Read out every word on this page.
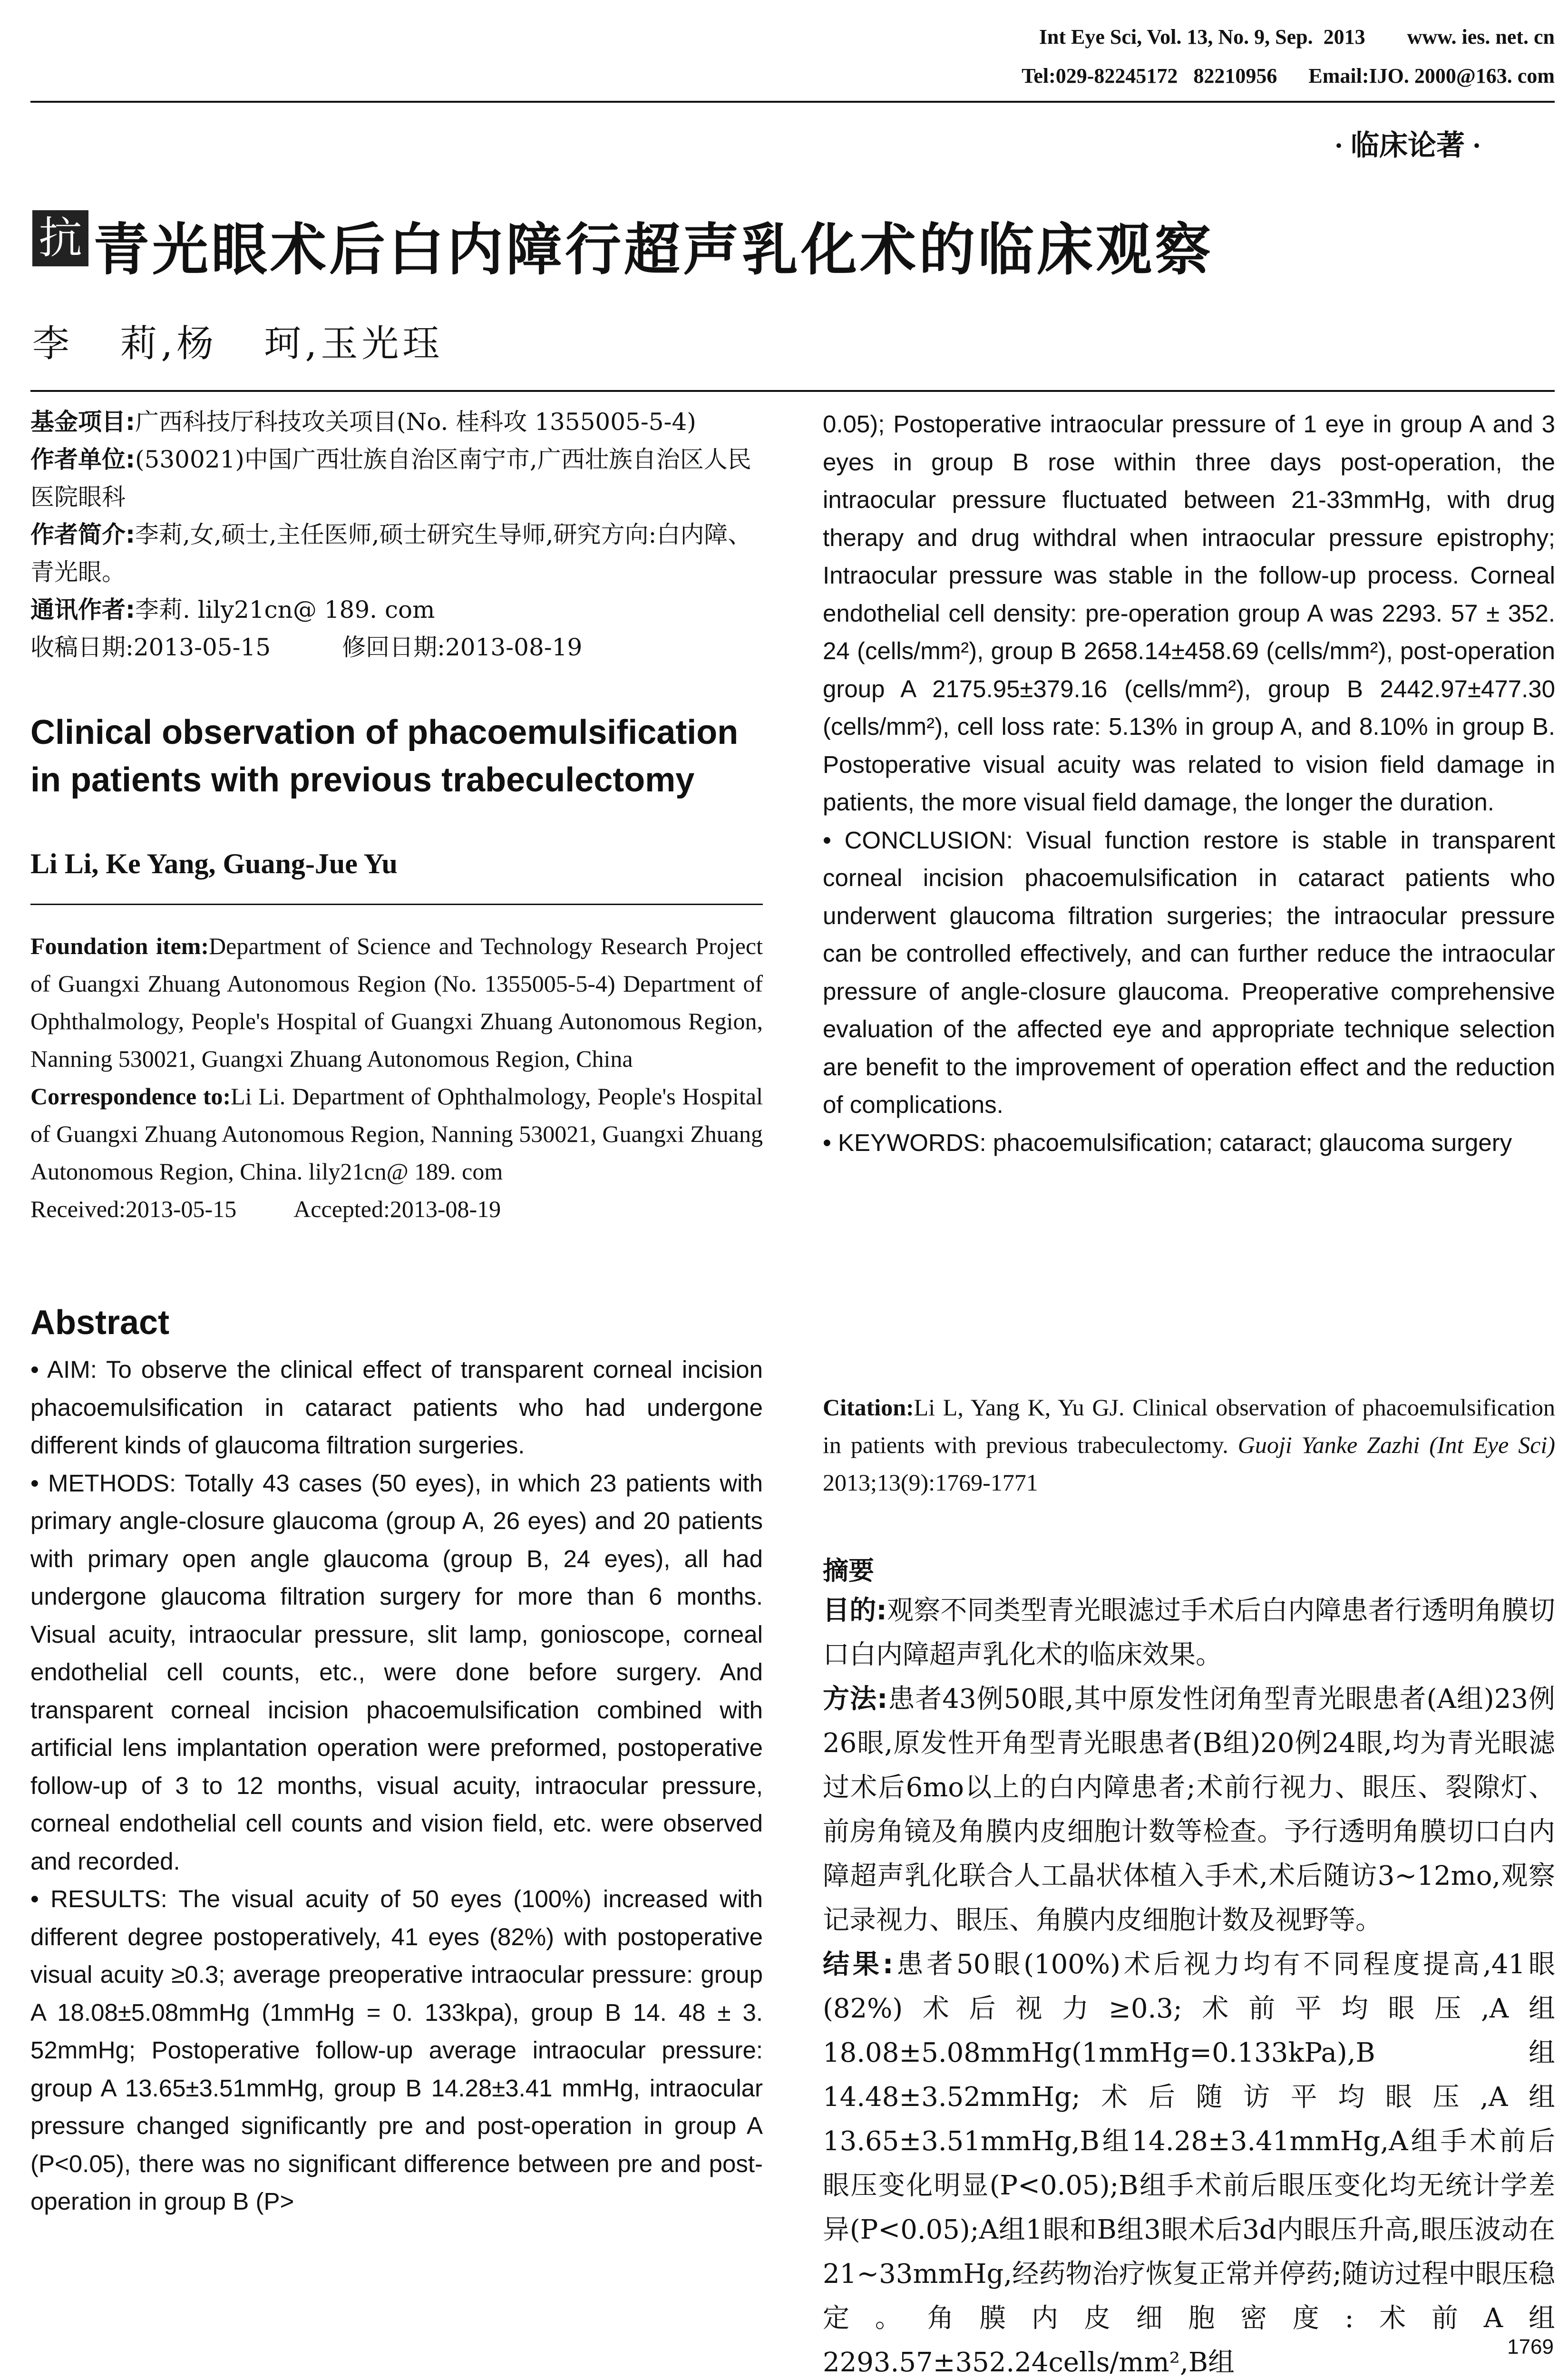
Int Eye Sci, Vol. 13, No. 9, Sep.  2013        www. ies. net. cn
Tel:029-82245172   82210956      Email:IJO. 2000@163. com
· 临床论著 ·
抗 青光眼术后白内障行超声乳化术的临床观察
李   莉,杨   珂,玉光珏
基金项目:广西科技厅科技攻关项目(No. 桂科攻 1355005-5-4)
作者单位:(530021)中国广西壮族自治区南宁市,广西壮族自治区人民医院眼科
作者简介:李莉,女,硕士,主任医师,硕士研究生导师,研究方向:白内障、青光眼。
通讯作者:李莉. lily21cn@ 189. com
收稿日期:2013-05-15	修回日期:2013-08-19
Clinical observation of phacoemulsification in patients with previous trabeculectomy
Li Li, Ke Yang, Guang-Jue Yu

Foundation item:Department of Science and Technology Research Project of Guangxi Zhuang Autonomous Region (No. 1355005-5-4) Department of Ophthalmology, People's Hospital of Guangxi Zhuang Autonomous Region, Nanning 530021, Guangxi Zhuang Autonomous Region, China

Correspondence to:Li Li. Department of Ophthalmology, People's Hospital of Guangxi Zhuang Autonomous Region, Nanning 530021, Guangxi Zhuang Autonomous Region, China. lily21cn@ 189. com

Received:2013-05-15 Accepted:2013-08-19

Abstract

• AIM: To observe the clinical effect of transparent corneal incision phacoemulsification in cataract patients who had undergone different kinds of glaucoma filtration surgeries.

• METHODS: Totally 43 cases (50 eyes), in which 23 patients with primary angle-closure glaucoma (group A, 26 eyes) and 20 patients with primary open angle glaucoma (group B, 24 eyes), all had undergone glaucoma filtration surgery for more than 6 months. Visual acuity, intraocular pressure, slit lamp, gonioscope, corneal endothelial cell counts, etc., were done before surgery. And transparent corneal incision phacoemulsification combined with artificial lens implantation operation were preformed, postoperative follow-up of 3 to 12 months, visual acuity, intraocular pressure, corneal endothelial cell counts and vision field, etc. were observed and recorded.

• RESULTS: The visual acuity of 50 eyes (100%) increased with different degree postoperatively, 41 eyes (82%) with postoperative visual acuity ≥0.3; average preoperative intraocular pressure: group A 18.08±5.08mmHg (1mmHg = 0. 133kpa), group B 14. 48 ± 3. 52mmHg; Postoperative follow-up average intraocular pressure: group A 13.65±3.51mmHg, group B 14.28±3.41 mmHg, intraocular pressure changed significantly pre and post-operation in group A (P<0.05), there was no significant difference between pre and post-operation in group B (P>

0.05); Postoperative intraocular pressure of 1 eye in group A and 3 eyes in group B rose within three days post-operation, the intraocular pressure fluctuated between 21-33mmHg, with drug therapy and drug withdral when intraocular pressure epistrophy; Intraocular pressure was stable in the follow-up process. Corneal endothelial cell density: pre-operation group A was 2293. 57 ± 352. 24 (cells/mm²), group B 2658.14±458.69 (cells/mm²), post-operation group A 2175.95±379.16 (cells/mm²), group B 2442.97±477.30 (cells/mm²), cell loss rate: 5.13% in group A, and 8.10% in group B. Postoperative visual acuity was related to vision field damage in patients, the more visual field damage, the longer the duration.

• CONCLUSION: Visual function restore is stable in transparent corneal incision phacoemulsification in cataract patients who underwent glaucoma filtration surgeries; the intraocular pressure can be controlled effectively, and can further reduce the intraocular pressure of angle-closure glaucoma. Preoperative comprehensive evaluation of the affected eye and appropriate technique selection are benefit to the improvement of operation effect and the reduction of complications.

• KEYWORDS: phacoemulsification; cataract; glaucoma surgery

Citation:Li L, Yang K, Yu GJ. Clinical observation of phacoemulsification in patients with previous trabeculectomy. Guoji Yanke Zazhi (Int Eye Sci) 2013;13(9):1769-1771

摘要

目的:观察不同类型青光眼滤过手术后白内障患者行透明角膜切口白内障超声乳化术的临床效果。

方法:患者43例50眼,其中原发性闭角型青光眼患者(A组)23例26眼,原发性开角型青光眼患者(B组)20例24眼,均为青光眼滤过术后6mo以上的白内障患者;术前行视力、眼压、裂隙灯、前房角镜及角膜内皮细胞计数等检查。予行透明角膜切口白内障超声乳化联合人工晶状体植入手术,术后随访3~12mo,观察记录视力、眼压、角膜内皮细胞计数及视野等。

结果:患者50眼(100%)术后视力均有不同程度提高,41眼(82%)术后视力≥0.3;术前平均眼压,A组18.08±5.08mmHg(1mmHg=0.133kPa),B组14.48±3.52mmHg;术后随访平均眼压,A组13.65±3.51mmHg,B组14.28±3.41mmHg,A组手术前后眼压变化明显(P<0.05);B组手术前后眼压变化均无统计学差异(P<0.05);A组1眼和B组3眼术后3d内眼压升高,眼压波动在21~33mmHg,经药物治疗恢复正常并停药;随访过程中眼压稳定。角膜内皮细胞密度:术前A组2293.57±352.24cells/mm²,B组

1769
